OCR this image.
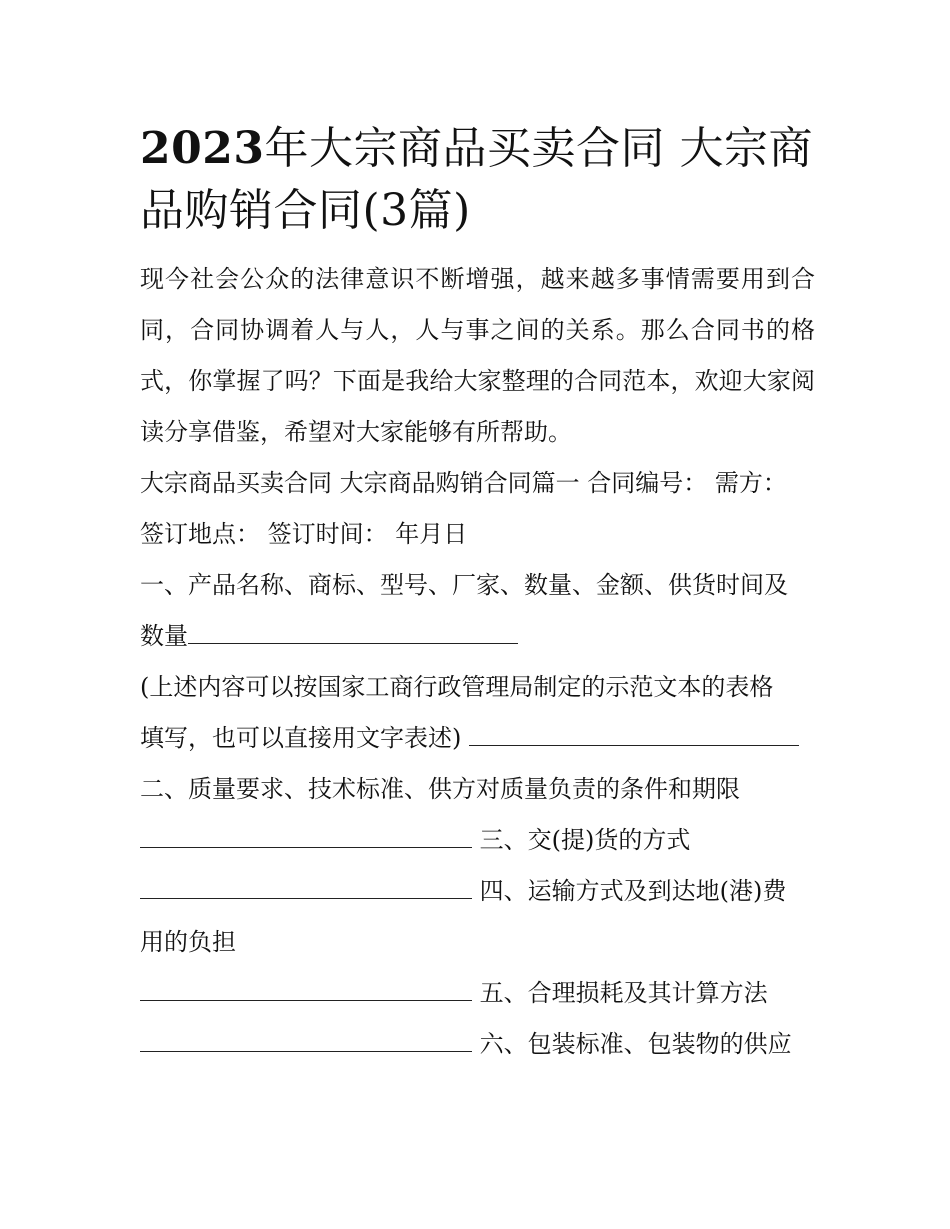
2023年大宗商品买卖合同 大宗商品购销合同(3篇)

现今社会公众的法律意识不断增强，越来越多事情需要用到合同，合同协调着人与人，人与事之间的关系。那么合同书的格式，你掌握了吗？下面是我给大家整理的合同范本，欢迎大家阅读分享借鉴，希望对大家能够有所帮助。

大宗商品买卖合同 大宗商品购销合同篇一 合同编号： 需方：

签订地点： 签订时间： 年月日

一、产品名称、商标、型号、厂家、数量、金额、供货时间及

数量

(上述内容可以按国家工商行政管理局制定的示范文本的表格

填写，也可以直接用文字表述)

二、质量要求、技术标准、供方对质量负责的条件和期限

三、交(提)货的方式

四、运输方式及到达地(港)费

用的负担

五、合理损耗及其计算方法

六、包装标准、包装物的供应
